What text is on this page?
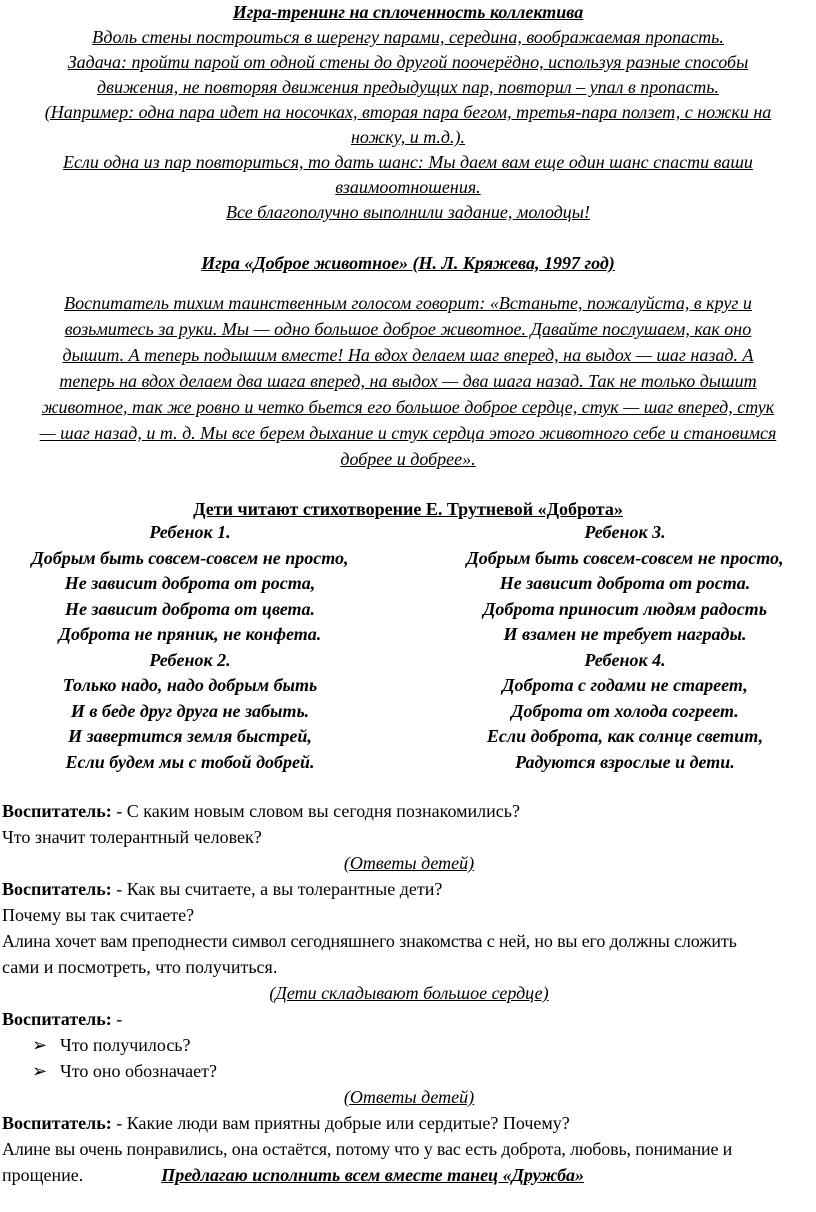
Игра-тренинг на сплоченность коллектива
Вдоль стены построиться в шеренгу парами, середина, воображаемая пропасть.
Задача: пройти парой от одной стены до другой поочерёдно, используя разные способы
движения, не повторяя движения предыдущих пар, повторил – упал в пропасть.
(Например: одна пара идет на носочках, вторая пара бегом, третья-пара ползет, с ножки на
ножку, и т.д.).
Если одна из пар повториться, то дать шанс: Мы даем вам еще один шанс спасти ваши
взаимоотношения.
Все благополучно выполнили задание, молодцы!
Игра «Доброе животное» (Н. Л. Кряжева, 1997 год)
Воспитатель тихим таинственным голосом говорит: «Встаньте, пожалуйста, в круг и
возьмитесь за руки. Мы — одно большое доброе животное. Давайте послушаем, как оно
дышит. А теперь подышим вместе! На вдох делаем шаг вперед, на выдох — шаг назад. А
теперь на вдох делаем два шага вперед, на выдох — два шага назад. Так не только дышит
животное, так же ровно и четко бьется его большое доброе сердце, стук — шаг вперед, стук
— шаг назад, и т. д. Мы все берем дыхание и стук сердца этого животного себе и становимся
добрее и добрее».
Дети читают стихотворение Е. Трутневой «Доброта»
Ребенок 1.
Добрым быть совсем-совсем не просто,
Не зависит доброта от роста,
Не зависит доброта от цвета.
Доброта не пряник, не конфета.
Ребенок 2.
Только надо, надо добрым быть
И в беде друг друга не забыть.
И завертится земля быстрей,
Если будем мы с тобой добрей.
Ребенок 3.
Добрым быть совсем-совсем не просто,
Не зависит доброта от роста.
Доброта приносит людям радость
И взамен не требует награды.
Ребенок 4.
Доброта с годами не стареет,
Доброта от холода согреет.
Если доброта, как солнце светит,
Радуются взрослые и дети.

Воспитатель: - С каким новым словом вы сегодня познакомились?

Что значит толерантный человек?

(Ответы детей)

Воспитатель: - Как вы считаете, а вы толерантные дети?

Почему вы так считаете?

Алина хочет вам преподнести символ сегодняшнего знакомства с ней, но вы его должны сложить

сами и посмотреть, что получиться.

(Дети складывают большое сердце)

Воспитатель: -

➢ Что получилось?

➢ Что оно обозначает?

(Ответы детей)

Воспитатель: - Какие люди вам приятны добрые или сердитые? Почему?

Алине вы очень понравились, она остаётся, потому что у вас есть доброта, любовь, понимание и

прощение.	Предлагаю исполнить всем вместе танец «Дружба»
